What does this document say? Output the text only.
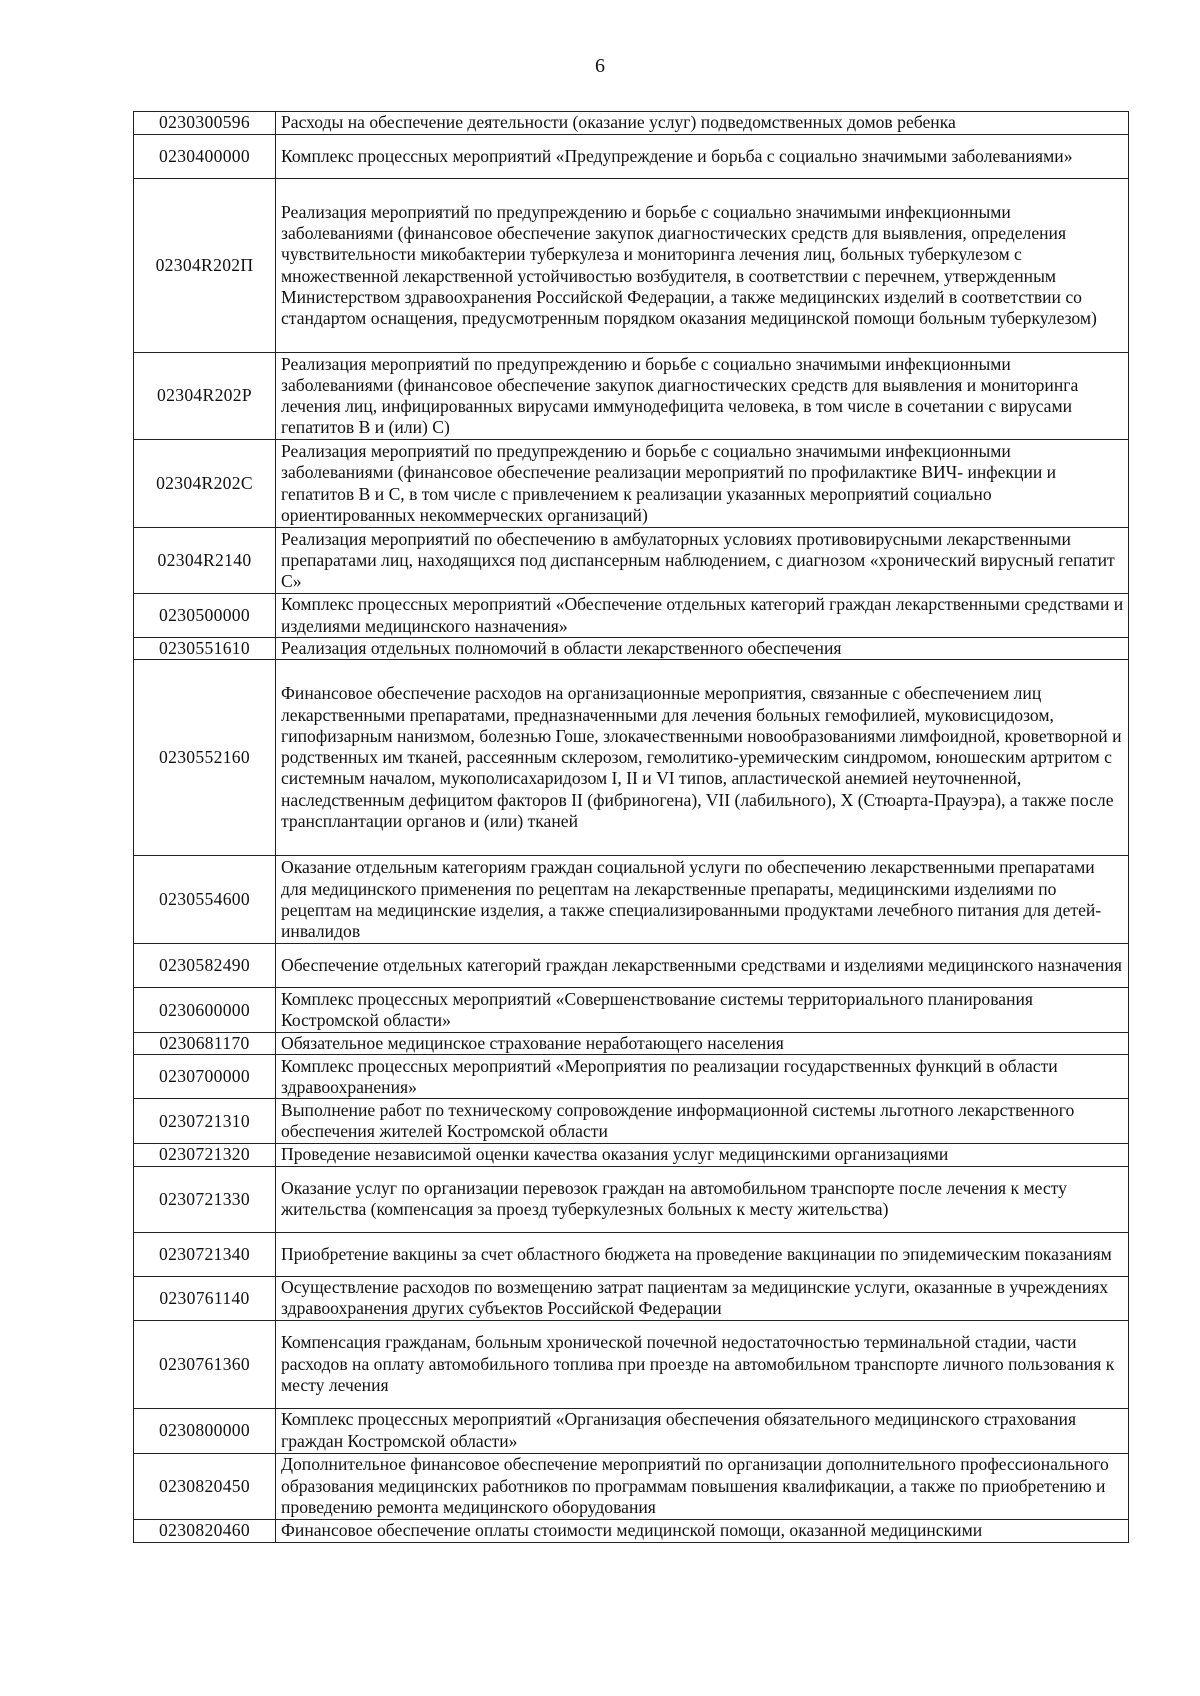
6
0230300596	Расходы на обеспечение деятельности (оказание услуг) подведомственных домов ребенка
0230400000	Комплекс процессных мероприятий «Предупреждение и борьба с социально значимыми заболеваниями»
02304R202П	Реализация мероприятий по предупреждению и борьбе с социально значимыми инфекционными заболеваниями (финансовое обеспечение закупок диагностических средств для выявления, определения чувствительности микобактерии туберкулеза и мониторинга лечения лиц, больных туберкулезом с множественной лекарственной устойчивостью возбудителя, в соответствии с перечнем, утвержденным Министерством здравоохранения Российской Федерации, а также медицинских изделий в соответствии со стандартом оснащения, предусмотренным порядком оказания медицинской помощи больным туберкулезом)
02304R202P	Реализация мероприятий по предупреждению и борьбе с социально значимыми инфекционными заболеваниями (финансовое обеспечение закупок диагностических средств для выявления и мониторинга лечения лиц, инфицированных вирусами иммунодефицита человека, в том числе в сочетании с вирусами гепатитов В и (или) С)
02304R202C	Реализация мероприятий по предупреждению и борьбе с социально значимыми инфекционными заболеваниями (финансовое обеспечение реализации мероприятий по профилактике ВИЧ- инфекции и гепатитов В и С, в том числе с привлечением к реализации указанных мероприятий социально ориентированных некоммерческих организаций)
02304R2140	Реализация мероприятий по обеспечению в амбулаторных условиях противовирусными лекарственными препаратами лиц, находящихся под диспансерным наблюдением, с диагнозом «хронический вирусный гепатит С»
0230500000	Комплекс процессных мероприятий «Обеспечение отдельных категорий граждан лекарственными средствами и изделиями медицинского назначения»
0230551610	Реализация отдельных полномочий в области лекарственного обеспечения
0230552160	Финансовое обеспечение расходов на организационные мероприятия, связанные с обеспечением лиц лекарственными препаратами, предназначенными для лечения больных гемофилией, муковисцидозом, гипофизарным нанизмом, болезнью Гоше, злокачественными новообразованиями лимфоидной, кроветворной и родственных им тканей, рассеянным склерозом, гемолитико-уремическим синдромом, юношеским артритом с системным началом, мукополисахаридозом I, II и VI типов, апластической анемией неуточненной, наследственным дефицитом факторов II (фибриногена), VII (лабильного), X (Стюарта-Прауэра), а также после трансплантации органов и (или) тканей
0230554600	Оказание отдельным категориям граждан социальной услуги по обеспечению лекарственными препаратами для медицинского применения по рецептам на лекарственные препараты, медицинскими изделиями по рецептам на медицинские изделия, а также специализированными продуктами лечебного питания для детей-инвалидов
0230582490	Обеспечение отдельных категорий граждан лекарственными средствами и изделиями медицинского назначения
0230600000	Комплекс процессных мероприятий «Совершенствование системы территориального планирования Костромской области»
0230681170	Обязательное медицинское страхование неработающего населения
0230700000	Комплекс процессных мероприятий «Мероприятия по реализации государственных функций в области здравоохранения»
0230721310	Выполнение работ по техническому сопровождение информационной системы льготного лекарственного обеспечения жителей Костромской области
0230721320	Проведение независимой оценки качества оказания услуг медицинскими организациями
0230721330	Оказание услуг по организации перевозок граждан на автомобильном транспорте после лечения к месту жительства (компенсация за проезд туберкулезных больных к месту жительства)
0230721340	Приобретение вакцины за счет областного бюджета на проведение вакцинации по эпидемическим показаниям
0230761140	Осуществление расходов по возмещению затрат пациентам за медицинские услуги, оказанные в учреждениях здравоохранения других субъектов Российской Федерации
0230761360	Компенсация гражданам, больным хронической почечной недостаточностью терминальной стадии, части расходов на оплату автомобильного топлива при проезде на автомобильном транспорте личного пользования к месту лечения
0230800000	Комплекс процессных мероприятий «Организация обеспечения обязательного медицинского страхования граждан Костромской области»
0230820450	Дополнительное финансовое обеспечение мероприятий по организации дополнительного профессионального образования медицинских работников по программам повышения квалификации, а также по приобретению и проведению ремонта медицинского оборудования
0230820460	Финансовое обеспечение оплаты стоимости медицинской помощи, оказанной медицинскими
